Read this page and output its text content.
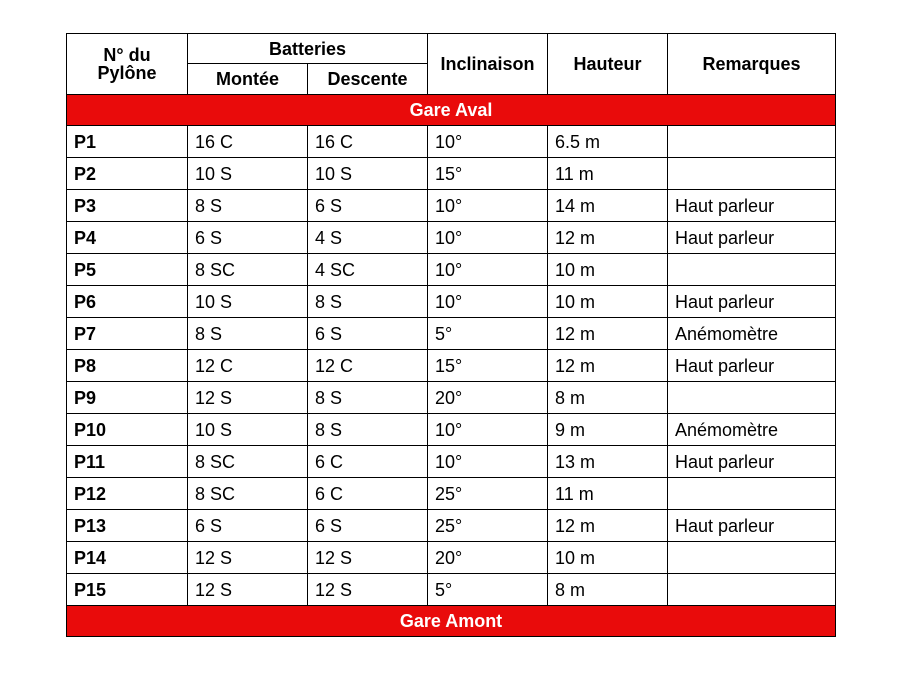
N° du
Pylône	Batteries		Inclinaison	Hauteur	Remarques
	Montée	Descente			
Gare Aval					
P1	16 C	16 C	10°	6.5 m	
P2	10 S	10 S	15°	11 m	
P3	8 S	6 S	10°	14 m	Haut parleur
P4	6 S	4 S	10°	12 m	Haut parleur
P5	8 SC	4 SC	10°	10 m	
P6	10 S	8 S	10°	10 m	Haut parleur
P7	8 S	6 S	5°	12 m	Anémomètre
P8	12 C	12 C	15°	12 m	Haut parleur
P9	12 S	8 S	20°	8 m	
P10	10 S	8 S	10°	9 m	Anémomètre
P11	8 SC	6 C	10°	13 m	Haut parleur
P12	8 SC	6 C	25°	11 m	
P13	6 S	6 S	25°	12 m	Haut parleur
P14	12 S	12 S	20°	10 m	
P15	12 S	12 S	5°	8 m	
Gare Amont					
